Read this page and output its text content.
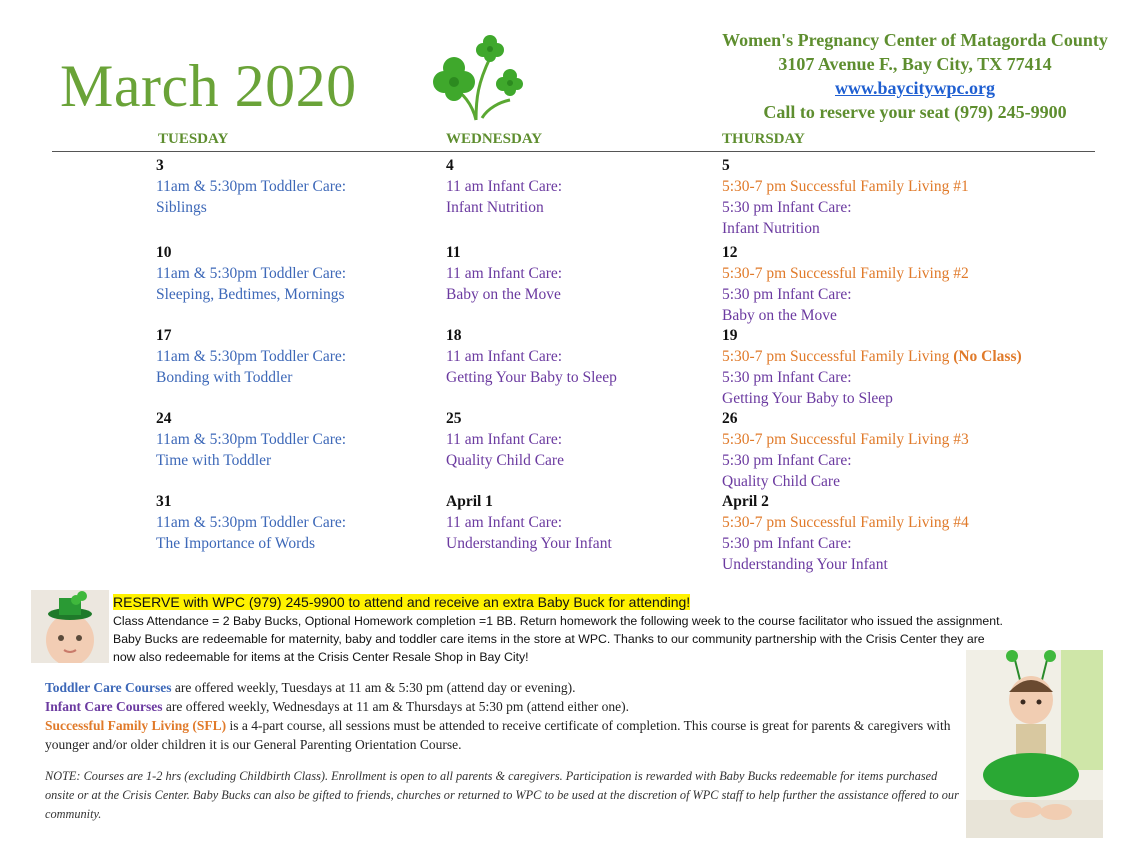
March 2020
Women's Pregnancy Center of Matagorda County
3107 Avenue F., Bay City, TX 77414
www.baycitywpc.org
Call to reserve your seat (979) 245-9900
TUESDAY	WEDNESDAY	THURSDAY
3
11am & 5:30pm Toddler Care:
Siblings
4
11 am Infant Care:
Infant Nutrition
5
5:30-7 pm Successful Family Living #1
5:30 pm Infant Care:
Infant Nutrition
10
11am & 5:30pm Toddler Care:
Sleeping, Bedtimes, Mornings
11
11 am Infant Care:
Baby on the Move
12
5:30-7 pm Successful Family Living #2
5:30 pm Infant Care:
Baby on the Move
17
11am & 5:30pm Toddler Care:
Bonding with Toddler
18
11 am Infant Care:
Getting Your Baby to Sleep
19
5:30-7 pm Successful Family Living (No Class)
5:30 pm Infant Care:
Getting Your Baby to Sleep
24
11am & 5:30pm Toddler Care:
Time with Toddler
25
11 am Infant Care:
Quality Child Care
26
5:30-7 pm Successful Family Living #3
5:30 pm Infant Care:
Quality Child Care
31
11am & 5:30pm Toddler Care:
The Importance of Words
April 1
11 am Infant Care:
Understanding Your Infant
April 2
5:30-7 pm Successful Family Living #4
5:30 pm Infant Care:
Understanding Your Infant
RESERVE with WPC (979) 245-9900 to attend and receive an extra Baby Buck for attending!
Class Attendance = 2 Baby Bucks, Optional Homework completion =1 BB. Return homework the following week to the course facilitator who issued the assignment.
Baby Bucks are redeemable for maternity, baby and toddler care items in the store at WPC. Thanks to our community partnership with the Crisis Center they are
now also redeemable for items at the Crisis Center Resale Shop in Bay City!
Toddler Care Courses are offered weekly, Tuesdays at 11 am & 5:30 pm (attend day or evening).
Infant Care Courses are offered weekly, Wednesdays at 11 am & Thursdays at 5:30 pm (attend either one).
Successful Family Living (SFL) is a 4-part course, all sessions must be attended to receive certificate of completion. This course is great for parents & caregivers with younger and/or older children it is our General Parenting Orientation Course.
NOTE: Courses are 1-2 hrs (excluding Childbirth Class). Enrollment is open to all parents & caregivers. Participation is rewarded with Baby Bucks redeemable for items purchased onsite or at the Crisis Center. Baby Bucks can also be gifted to friends, churches or returned to WPC to be used at the discretion of WPC staff to help further the assistance offered to our community.
